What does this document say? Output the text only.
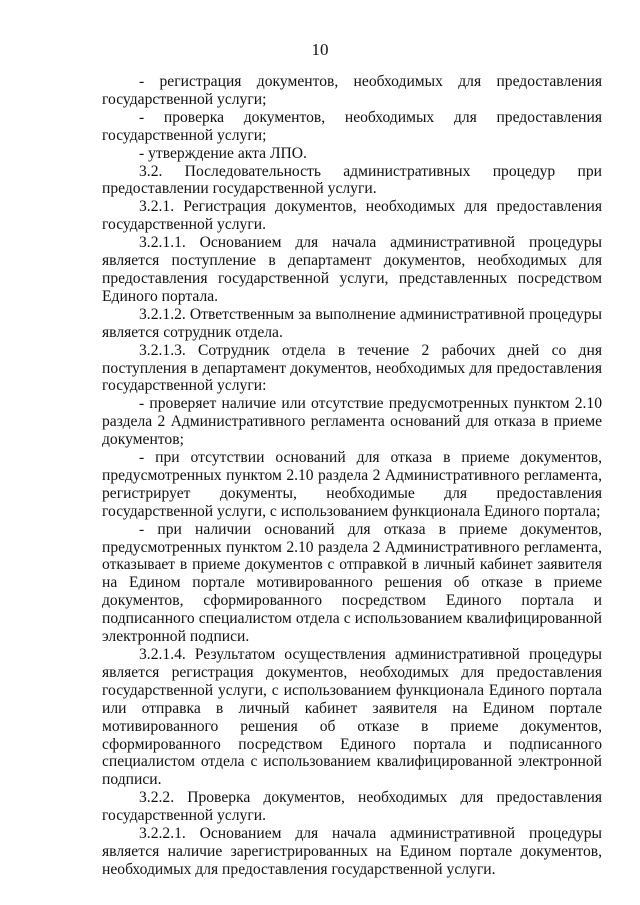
10

- регистрация документов, необходимых для предоставления государственной услуги;

- проверка документов, необходимых для предоставления государственной услуги;

- утверждение акта ЛПО.

3.2. Последовательность административных процедур при предоставлении государственной услуги.

3.2.1. Регистрация документов, необходимых для предоставления государственной услуги.

3.2.1.1. Основанием для начала административной процедуры является поступление в департамент документов, необходимых для предоставления государственной услуги, представленных посредством Единого портала.

3.2.1.2. Ответственным за выполнение административной процедуры является сотрудник отдела.

3.2.1.3. Сотрудник отдела в течение 2 рабочих дней со дня поступления в департамент документов, необходимых для предоставления государственной услуги:

- проверяет наличие или отсутствие предусмотренных пунктом 2.10 раздела 2 Административного регламента оснований для отказа в приеме документов;

- при отсутствии оснований для отказа в приеме документов, предусмотренных пунктом 2.10 раздела 2 Административного регламента, регистрирует документы, необходимые для предоставления государственной услуги, с использованием функционала Единого портала;

- при наличии оснований для отказа в приеме документов, предусмотренных пунктом 2.10 раздела 2 Административного регламента, отказывает в приеме документов с отправкой в личный кабинет заявителя на Едином портале мотивированного решения об отказе в приеме документов, сформированного посредством Единого портала и подписанного специалистом отдела с использованием квалифицированной электронной подписи.

3.2.1.4. Результатом осуществления административной процедуры является регистрация документов, необходимых для предоставления государственной услуги, с использованием функционала Единого портала или отправка в личный кабинет заявителя на Едином портале мотивированного решения об отказе в приеме документов, сформированного посредством Единого портала и подписанного специалистом отдела с использованием квалифицированной электронной подписи.

3.2.2. Проверка документов, необходимых для предоставления государственной услуги.

3.2.2.1. Основанием для начала административной процедуры является наличие зарегистрированных на Едином портале документов, необходимых для предоставления государственной услуги.
